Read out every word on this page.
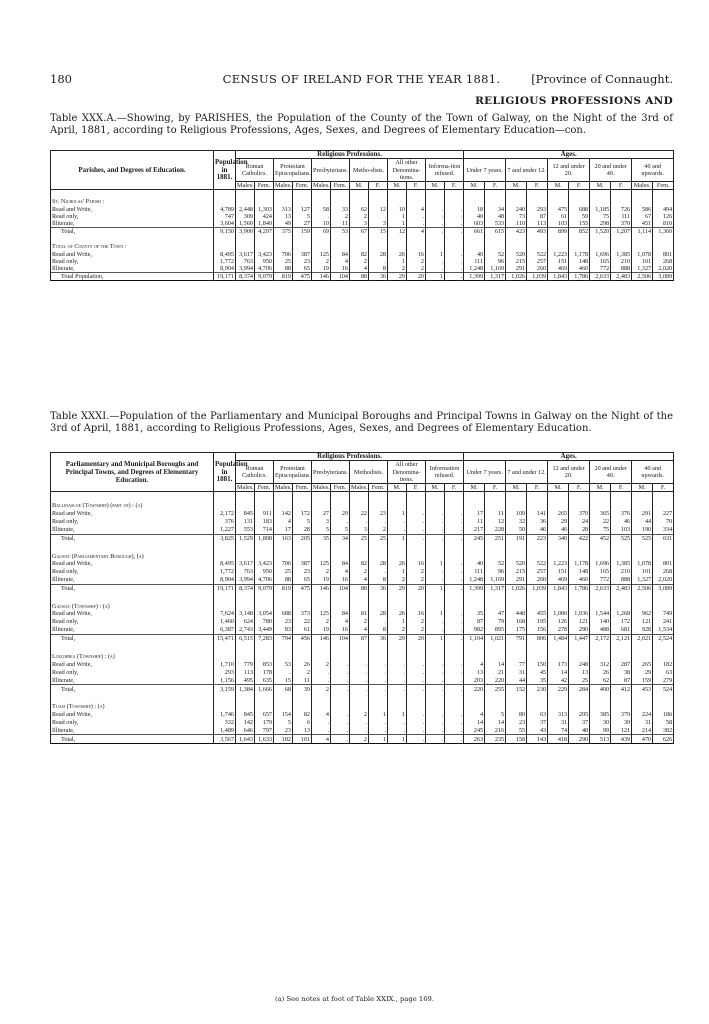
180	CENSUS OF IRELAND FOR THE YEAR 1881.	[Province of Connaught.
RELIGIOUS PROFESSIONS AND
Table XXX.A.—Showing, by PARISHES, the Population of the County of the Town of Galway, on the Night of the 3rd of April, 1881, according to Religious Professions, Ages, Sexes, and Degrees of Elementary Education—con.
Parishes, and Degrees of Education.	Population in 1881.	Religious Professions.												Ages.									
		Roman Catholics.		Protestant Episcopalians.		Presbyterians.		Metho-dists.		All other Denomina-tions.		Informa-tion refused.		Under 7 years.		7 and under 12.		12 and under 20.		20 and under 40.		40 and upwards.	
		Males.	Fem.	Males.	Fem.	Males.	Fem.	M.	F.	M.	F.	M.	F.	M.	F.	M.	F.	M.	F.	M.	F.	Males.	Fem.

St. Nicholas' Parish :																							
Read and Write,	4,789	2,448	1,303	313	127	58	33	62	12	10	4	.	.	18	34	240	293	475	688	1,185	726	586	494
Read only,	747	309	424	13	5	.	2	2	.	1	.	.	.	40	48	73	87	61	59	75	111	67	126
Illiterate,	3,604	1,560	1,840	49	27	10	11	3	3	1	.	.	.	603	533	110	113	103	155	298	370	451	810
Total,	9,150	3,900	4,297	375	159	69	53	67	15	12	4	.	.	661	615	423	493	899	852	1,520	1,207	1,114	1,360

Total of County of the Town :																							
Read and Write,	8,495	3,617	3,423	706	387	125	84	82	28	26	16	1	.	40	52	520	522	1,223	1,178	1,696	1,385	1,078	801
Read only,	1,772	763	950	25	23	2	4	2	.	1	2	.	.	111	96	215	257	151	148	165	210	101	268
Illiterate,	8,904	3,994	4,706	88	65	19	16	4	8	2	2	.	.	1,248	1,169	291	260	469	460	772	888	1,327	2,020
Total Population,	19,171	8,374	9,079	819	475	146	104	88	36	29	20	1	.	1,399	1,317	1,026	1,039	1,843	1,786	2,633	2,483	2,506	3,089
Table XXXI.—Population of the Parliamentary and Municipal Boroughs and Principal Towns in Galway on the Night of the 3rd of April, 1881, according to Religious Professions, Ages, Sexes, and Degrees of Elementary Education.
Parliamentary and Municipal Boroughs and Principal Towns, and Degrees of Elementary Education.	Population in 1881.	Religious Professions.												Ages.									
		Roman Catholics.		Protestant Episcopalians.		Presbyterians.		Methodists.		All other Denomina-tions.		Information refused.		Under 7 years.		7 and under 12.		12 and under 20.		20 and under 40.		40 and upwards.	
		Males.	Fem.	Males.	Fem.	Males.	Fem.	Males.	Fem.	M.	F.	M.	F.	M.	F.	M.	F.	M.	F.	M.	F.	M.	F.

Ballinasloe (Township) (part of) : (a)																							
Read and Write,	2,172	845	911	142	172	27	29	22	23	1	.	.	.	17	11	109	141	265	370	365	376	291	227
Read only,	376	131	183	4	5	3	.	.	.	.	.	.	.	11	12	32	36	29	24	22	46	44	70
Illiterate,	1,227	553	714	17	28	5	5	3	2	.	.	.	.	217	228	50	46	46	28	75	103	190	334
Total,	3,825	1,529	1,808	163	205	35	34	25	25	1	.	.	.	245	251	191	223	340	422	452	525	525	631

Galway (Parliamentary Borough), (a)																							
Read and Write,	8,495	3,617	3,423	706	387	125	84	82	28	26	16	1	.	40	52	520	522	1,223	1,178	1,696	1,385	1,078	801
Read only,	1,772	763	950	25	23	2	4	2	.	1	2	.	.	111	96	215	257	151	148	165	210	101	268
Illiterate,	8,904	3,994	4,706	88	65	19	16	4	8	2	2	.	.	1,248	1,169	291	260	469	460	772	888	1,327	2,020
Total,	19,171	8,374	9,079	819	475	146	104	88	36	29	20	1	.	1,399	1,317	1,026	1,039	1,843	1,786	2,633	2,483	2,506	3,089

Galway (Township) : (a)																							
Read and Write,	7,624	3,148	3,054	688	373	125	84	81	28	26	16	1	.	35	47	448	455	1,080	1,036	1,544	1,268	962	749
Read only,	1,460	624	780	23	22	2	4	2	.	1	2	.	.	87	79	168	195	126	121	140	172	121	241
Illiterate,	6,387	2,743	3,449	83	61	19	16	4	8	2	2	.	.	982	895	175	156	278	290	488	681	928	1,534
Total,	15,471	6,515	7,283	794	456	146	104	87	36	29	20	1	.	1,104	1,021	791	806	1,484	1,447	2,172	2,121	2,021	2,524

Loughrea (Township) : (a)																							
Read and Write,	1,710	779	853	53	26	2	.	.	.	.	.	.	.	4	14	77	150	173	248	312	287	265	182
Read only,	293	113	178	.	2	.	.	.	.	.	.	.	.	13	21	31	45	14	13	26	38	29	63
Illiterate,	1,156	495	635	15	11	.	.	.	.	.	.	.	.	203	220	44	35	42	25	62	87	159	279
Total,	3,159	1,384	1,666	68	39	2	.	.	.	.	.	.	.	220	255	152	230	229	284	400	412	453	524

Tuam (Township) : (a)																							
Read and Write,	1,746	845	657	154	82	4	.	2	1	1	.	.	.	4	5	80	63	313	205	385	379	224	186
Read only,	332	142	179	5	6	.	.	.	.	.	.	.	.	14	14	23	37	31	37	30	39	31	58
Illiterate,	1,489	646	797	23	13	.	.	.	.	.	.	.	.	245	216	55	43	74	48	99	121	214	382
Total,	3,567	1,643	1,633	182	101	4	.	2	1	1	.	.	.	263	235	158	143	418	290	513	439	470	626
(a) See notes at foot of Table XXIX., page 169.
